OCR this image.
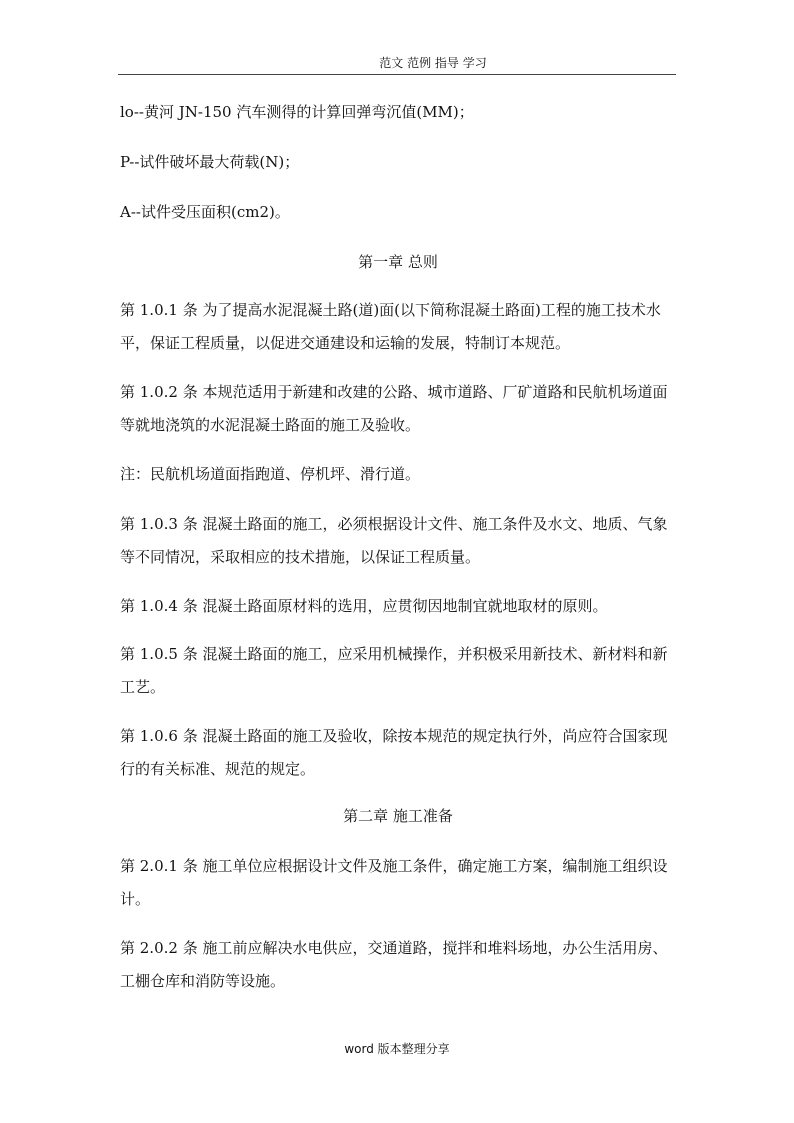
范文 范例 指导 学习
lo--黄河 JN-150 汽车测得的计算回弹弯沉值(MM)；
P--试件破坏最大荷载(N)；
A--试件受压面积(cm2)。
第一章 总则
第 1.0.1 条 为了提高水泥混凝土路(道)面(以下简称混凝土路面)工程的施工技术水平，保证工程质量，以促进交通建设和运输的发展，特制订本规范。
第 1.0.2 条 本规范适用于新建和改建的公路、城市道路、厂矿道路和民航机场道面等就地浇筑的水泥混凝土路面的施工及验收。
注：民航机场道面指跑道、停机坪、滑行道。
第 1.0.3 条 混凝土路面的施工，必须根据设计文件、施工条件及水文、地质、气象等不同情况，采取相应的技术措施，以保证工程质量。
第 1.0.4 条 混凝土路面原材料的选用，应贯彻因地制宜就地取材的原则。
第 1.0.5 条 混凝土路面的施工，应采用机械操作，并积极采用新技术、新材料和新工艺。
第 1.0.6 条 混凝土路面的施工及验收，除按本规范的规定执行外，尚应符合国家现行的有关标准、规范的规定。
第二章 施工准备
第 2.0.1 条 施工单位应根据设计文件及施工条件，确定施工方案，编制施工组织设计。
第 2.0.2 条 施工前应解决水电供应，交通道路，搅拌和堆料场地，办公生活用房、工棚仓库和消防等设施。
word 版本整理分享
